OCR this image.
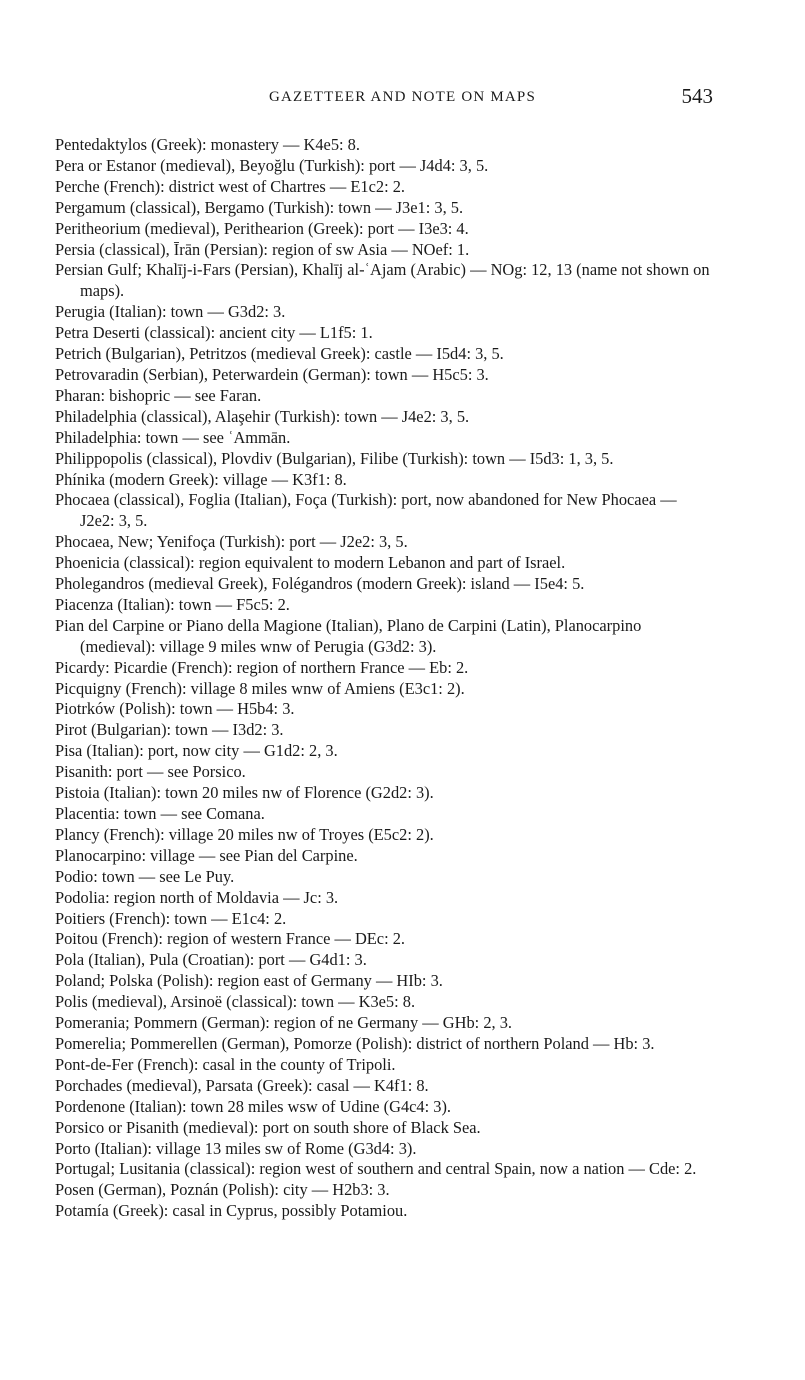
GAZETTEER AND NOTE ON MAPS	543

Pentedaktylos (Greek): monastery — K4e5: 8.

Pera or Estanor (medieval), Beyoğlu (Turkish): port — J4d4: 3, 5.

Perche (French): district west of Chartres — E1c2: 2.

Pergamum (classical), Bergamo (Turkish): town — J3e1: 3, 5.

Peritheorium (medieval), Perithearion (Greek): port — I3e3: 4.

Persia (classical), Īrān (Persian): region of sw Asia — NOef: 1.

Persian Gulf; Khalīj-i-Fars (Persian), Khalīj al-ʿAjam (Arabic) — NOg: 12, 13 (name not shown on maps).

Perugia (Italian): town — G3d2: 3.

Petra Deserti (classical): ancient city — L1f5: 1.

Petrich (Bulgarian), Petritzos (medieval Greek): castle — I5d4: 3, 5.

Petrovaradin (Serbian), Peterwardein (German): town — H5c5: 3.

Pharan: bishopric — see Faran.

Philadelphia (classical), Alaşehir (Turkish): town — J4e2: 3, 5.

Philadelphia: town — see ʿAmmān.

Philippopolis (classical), Plovdiv (Bulgarian), Filibe (Turkish): town — I5d3: 1, 3, 5.

Phínika (modern Greek): village — K3f1: 8.

Phocaea (classical), Foglia (Italian), Foça (Turkish): port, now abandoned for New Phocaea — J2e2: 3, 5.

Phocaea, New; Yenifoça (Turkish): port — J2e2: 3, 5.

Phoenicia (classical): region equivalent to modern Lebanon and part of Israel.

Pholegandros (medieval Greek), Folégandros (modern Greek): island — I5e4: 5.

Piacenza (Italian): town — F5c5: 2.

Pian del Carpine or Piano della Magione (Italian), Plano de Carpini (Latin), Planocarpino (medieval): village 9 miles wnw of Perugia (G3d2: 3).

Picardy: Picardie (French): region of northern France — Eb: 2.

Picquigny (French): village 8 miles wnw of Amiens (E3c1: 2).

Piotrków (Polish): town — H5b4: 3.

Pirot (Bulgarian): town — I3d2: 3.

Pisa (Italian): port, now city — G1d2: 2, 3.

Pisanith: port — see Porsico.

Pistoia (Italian): town 20 miles nw of Florence (G2d2: 3).

Placentia: town — see Comana.

Plancy (French): village 20 miles nw of Troyes (E5c2: 2).

Planocarpino: village — see Pian del Carpine.

Podio: town — see Le Puy.

Podolia: region north of Moldavia — Jc: 3.

Poitiers (French): town — E1c4: 2.

Poitou (French): region of western France — DEc: 2.

Pola (Italian), Pula (Croatian): port — G4d1: 3.

Poland; Polska (Polish): region east of Germany — HIb: 3.

Polis (medieval), Arsinoë (classical): town — K3e5: 8.

Pomerania; Pommern (German): region of ne Germany — GHb: 2, 3.

Pomerelia; Pommerellen (German), Pomorze (Polish): district of northern Poland — Hb: 3.

Pont-de-Fer (French): casal in the county of Tripoli.

Porchades (medieval), Parsata (Greek): casal — K4f1: 8.

Pordenone (Italian): town 28 miles wsw of Udine (G4c4: 3).

Porsico or Pisanith (medieval): port on south shore of Black Sea.

Porto (Italian): village 13 miles sw of Rome (G3d4: 3).

Portugal; Lusitania (classical): region west of southern and central Spain, now a nation — Cde: 2.

Posen (German), Poznán (Polish): city — H2b3: 3.

Potamía (Greek): casal in Cyprus, possibly Potamiou.
